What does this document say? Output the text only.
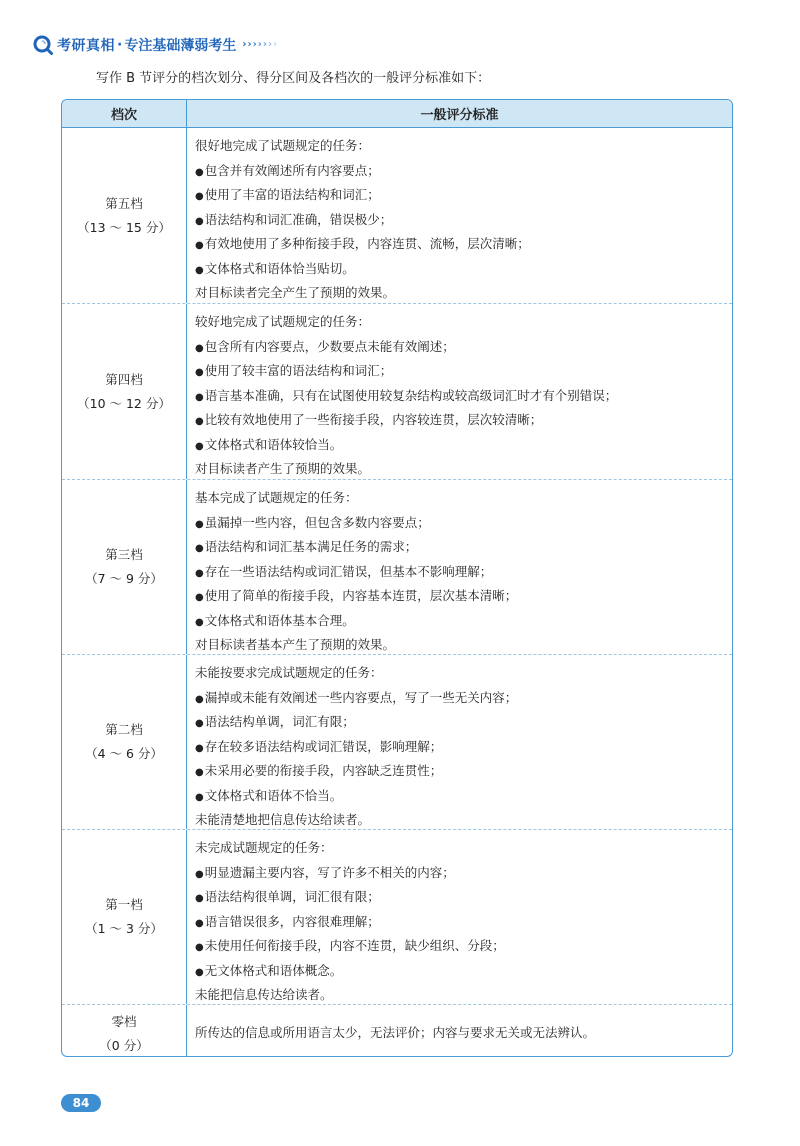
考研真相 · 专注基础薄弱考生 › › › › › › ›
写作 B 节评分的档次划分、得分区间及各档次的一般评分标准如下：
档次	一般评分标准
第五档
（13 ～ 15 分）
很好地完成了试题规定的任务：
●包含并有效阐述所有内容要点；
●使用了丰富的语法结构和词汇；
●语法结构和词汇准确，错误极少；
●有效地使用了多种衔接手段，内容连贯、流畅，层次清晰；
●文体格式和语体恰当贴切。
对目标读者完全产生了预期的效果。
第四档
（10 ～ 12 分）
较好地完成了试题规定的任务：
●包含所有内容要点，少数要点未能有效阐述；
●使用了较丰富的语法结构和词汇；
●语言基本准确，只有在试图使用较复杂结构或较高级词汇时才有个别错误；
●比较有效地使用了一些衔接手段，内容较连贯，层次较清晰；
●文体格式和语体较恰当。
对目标读者产生了预期的效果。
第三档
（7 ～ 9 分）
基本完成了试题规定的任务：
●虽漏掉一些内容，但包含多数内容要点；
●语法结构和词汇基本满足任务的需求；
●存在一些语法结构或词汇错误，但基本不影响理解；
●使用了简单的衔接手段，内容基本连贯，层次基本清晰；
●文体格式和语体基本合理。
对目标读者基本产生了预期的效果。
第二档
（4 ～ 6 分）
未能按要求完成试题规定的任务：
●漏掉或未能有效阐述一些内容要点，写了一些无关内容；
●语法结构单调，词汇有限；
●存在较多语法结构或词汇错误，影响理解；
●未采用必要的衔接手段，内容缺乏连贯性；
●文体格式和语体不恰当。
未能清楚地把信息传达给读者。
第一档
（1 ～ 3 分）
未完成试题规定的任务：
●明显遗漏主要内容，写了许多不相关的内容；
●语法结构很单调，词汇很有限；
●语言错误很多，内容很难理解；
●未使用任何衔接手段，内容不连贯，缺少组织、分段；
●无文体格式和语体概念。
未能把信息传达给读者。
零档
（0 分）
所传达的信息或所用语言太少，无法评价；内容与要求无关或无法辨认。
84
